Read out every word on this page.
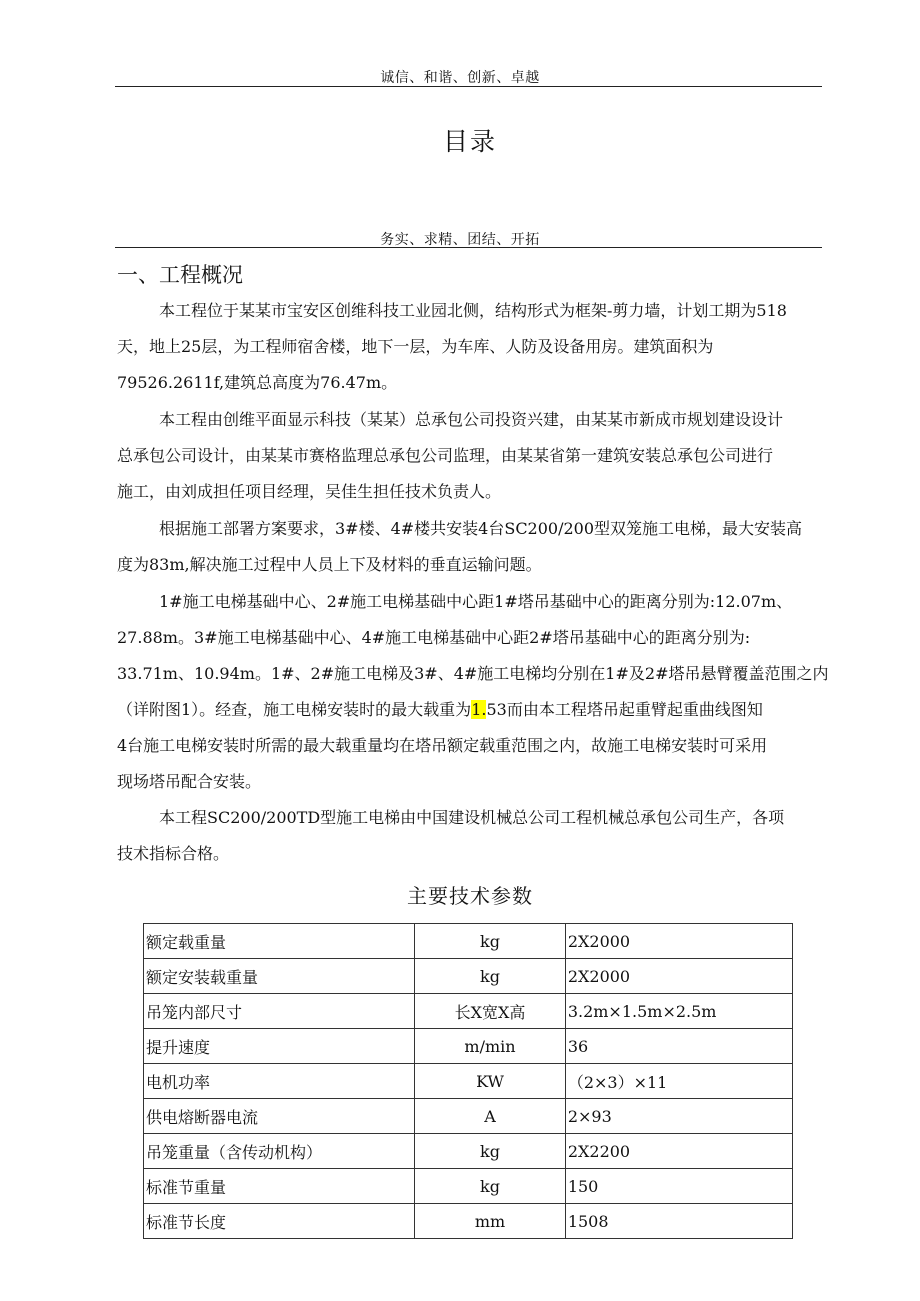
诚信、和谐、创新、卓越
目录
务实、求精、团结、开拓
一、工程概况
本工程位于某某市宝安区创维科技工业园北侧，结构形式为框架-剪力墙，计划工期为518
天，地上25层，为工程师宿舍楼，地下一层，为车库、人防及设备用房。建筑面积为
79526.2611f,建筑总高度为76.47m。
本工程由创维平面显示科技（某某）总承包公司投资兴建，由某某市新成市规划建设设计
总承包公司设计，由某某市赛格监理总承包公司监理，由某某省第一建筑安装总承包公司进行
施工，由刘成担任项目经理，吴佳生担任技术负责人。
根据施工部署方案要求，3#楼、4#楼共安装4台SC200/200型双笼施工电梯，最大安装高
度为83m,解决施工过程中人员上下及材料的垂直运输问题。
1#施工电梯基础中心、2#施工电梯基础中心距1#塔吊基础中心的距离分别为:12.07m、
27.88m。3#施工电梯基础中心、4#施工电梯基础中心距2#塔吊基础中心的距离分别为:
33.71m、10.94m。1#、2#施工电梯及3#、4#施工电梯均分别在1#及2#塔吊悬臂覆盖范围之内
（详附图1）。经查，施工电梯安装时的最大载重为1.53而由本工程塔吊起重臂起重曲线图知
4台施工电梯安装时所需的最大载重量均在塔吊额定载重范围之内，故施工电梯安装时可采用
现场塔吊配合安装。
本工程SC200/200TD型施工电梯由中国建设机械总公司工程机械总承包公司生产，各项
技术指标合格。
主要技术参数
额定载重量	kg	2X2000
额定安装载重量	kg	2X2000
吊笼内部尺寸	长X宽X高	3.2m×1.5m×2.5m
提升速度	m/min	36
电机功率	KW	（2×3）×11
供电熔断器电流	A	2×93
吊笼重量（含传动机构）	kg	2X2200
标准节重量	kg	150
标准节长度	mm	1508
